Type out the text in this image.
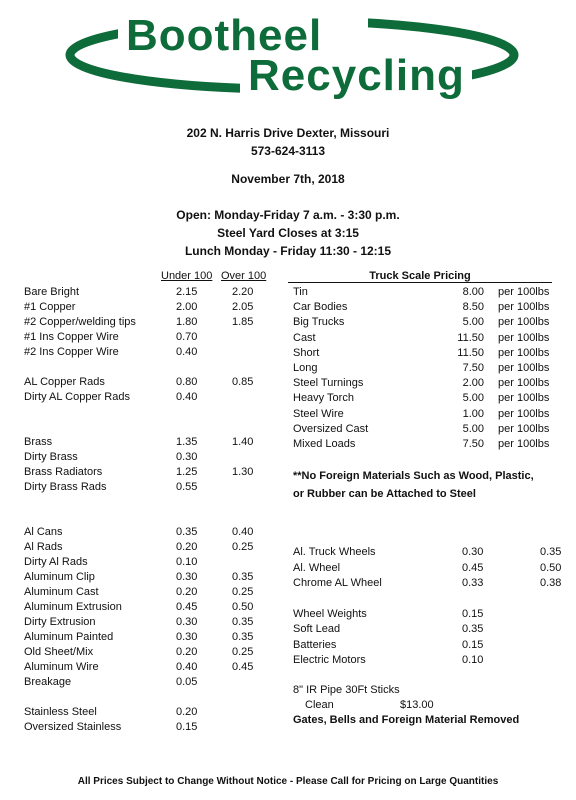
Bootheel
Recycling
202 N. Harris Drive Dexter, Missouri
573-624-3113
November 7th, 2018
Open: Monday-Friday 7 a.m. - 3:30 p.m.
Steel Yard Closes at 3:15
Lunch Monday - Friday 11:30 - 12:15
Under 100 Over 100	Truck Scale Pricing
Bare Bright	2.15	2.20
#1 Copper	2.00	2.05
#2 Copper/welding tips	1.80	1.85
#1 Ins Copper Wire	0.70
#2 Ins Copper Wire	0.40
AL Copper Rads	0.80	0.85
Dirty AL Copper Rads	0.40
Brass	1.35	1.40
Dirty Brass	0.30
Brass Radiators	1.25	1.30
Dirty Brass Rads	0.55
Al Cans	0.35	0.40
Al Rads	0.20	0.25
Dirty Al Rads	0.10
Aluminum Clip	0.30	0.35
Aluminum Cast	0.20	0.25
Aluminum Extrusion	0.45	0.50
Dirty Extrusion	0.30	0.35
Aluminum Painted	0.30	0.35
Old Sheet/Mix	0.20	0.25
Aluminum Wire	0.40	0.45
Breakage	0.05
Stainless Steel	0.20
Oversized Stainless	0.15
Tin	8.00 per 100lbs
Car Bodies	8.50 per 100lbs
Big Trucks	5.00 per 100lbs
Cast	11.50 per 100lbs
Short	11.50 per 100lbs
Long	7.50 per 100lbs
Steel Turnings	2.00 per 100lbs
Heavy Torch	5.00 per 100lbs
Steel Wire	1.00 per 100lbs
Oversized Cast	5.00 per 100lbs
Mixed Loads	7.50 per 100lbs
**No Foreign Materials Such as Wood, Plastic,
or Rubber can be Attached to Steel
Al. Truck Wheels	0.30	0.35
Al. Wheel	0.45	0.50
Chrome AL Wheel	0.33	0.38
Wheel Weights	0.15
Soft Lead	0.35
Batteries	0.15
Electric Motors	0.10
8" IR Pipe 30Ft Sticks
Clean	$13.00
Gates, Bells and Foreign Material Removed
All Prices Subject to Change Without Notice - Please Call for Pricing on Large Quantities
